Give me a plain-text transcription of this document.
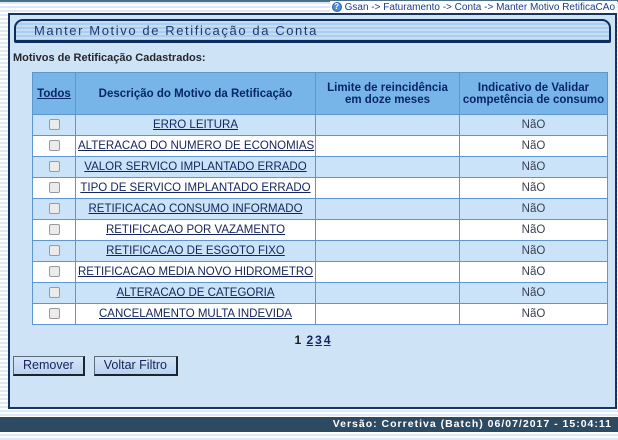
? Gsan -> Faturamento -> Conta -> Manter Motivo RetificaCAo
Manter Motivo de Retificação da Conta
Motivos de Retificação Cadastrados:
Todos	Descrição do Motivo da Retificação	Limite de reincidência em doze meses	Indicativo de Validar competência de consumo
	ERRO LEITURA		NãO
	ALTERACAO DO NUMERO DE ECONOMIAS		NãO
	VALOR SERVICO IMPLANTADO ERRADO		NãO
	TIPO DE SERVICO IMPLANTADO ERRADO		NãO
	RETIFICACAO CONSUMO INFORMADO		NãO
	RETIFICACAO POR VAZAMENTO		NãO
	RETIFICACAO DE ESGOTO FIXO		NãO
	RETIFICACAO MEDIA NOVO HIDROMETRO		NãO
	ALTERACAO DE CATEGORIA		NãO
	CANCELAMENTO MULTA INDEVIDA		NãO
1 2 3 4
Remover	Voltar Filtro
Versão: Corretiva (Batch) 06/07/2017 - 15:04:11
